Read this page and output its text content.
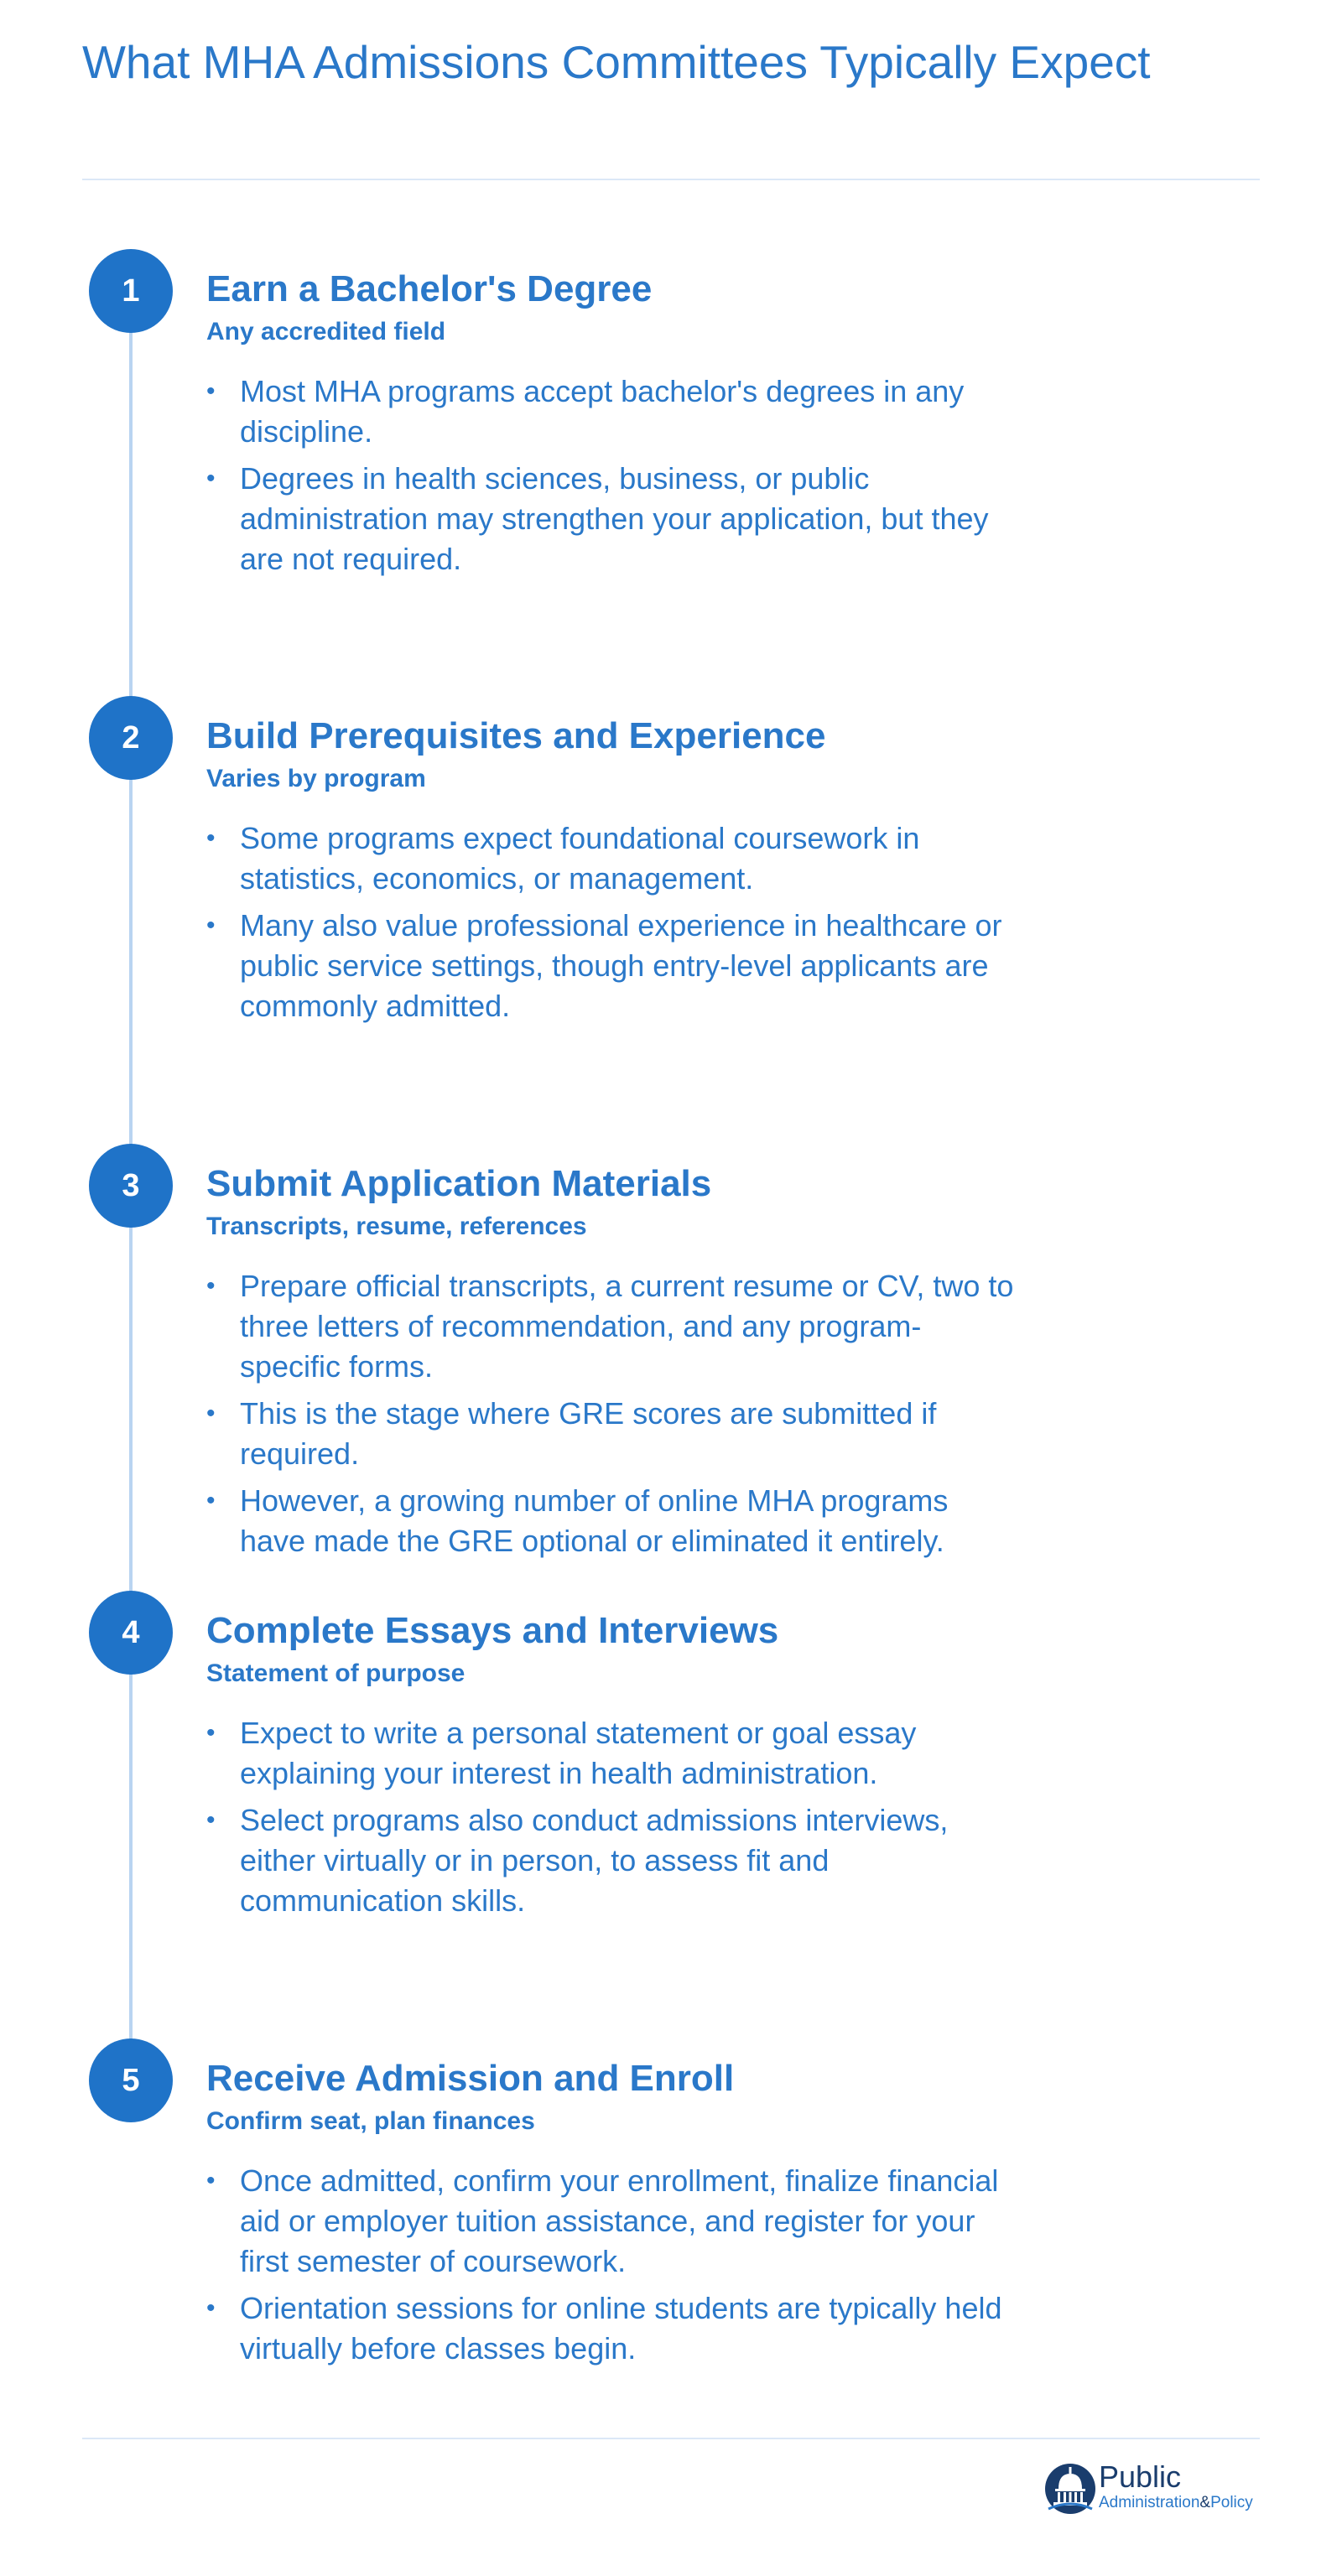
What MHA Admissions Committees Typically Expect
1	Earn a Bachelor's Degree

Any accredited field

• Most MHA programs accept bachelor's degrees in any discipline.
• Degrees in health sciences, business, or public administration may strengthen your application, but they are not required.
2	Build Prerequisites and Experience

Varies by program

• Some programs expect foundational coursework in statistics, economics, or management.
• Many also value professional experience in healthcare or public service settings, though entry-level applicants are commonly admitted.
3	Submit Application Materials

Transcripts, resume, references

• Prepare official transcripts, a current resume or CV, two to three letters of recommendation, and any program-specific forms.
• This is the stage where GRE scores are submitted if required.
• However, a growing number of online MHA programs have made the GRE optional or eliminated it entirely.
4	Complete Essays and Interviews

Statement of purpose

• Expect to write a personal statement or goal essay explaining your interest in health administration.
• Select programs also conduct admissions interviews, either virtually or in person, to assess fit and communication skills.
5	Receive Admission and Enroll

Confirm seat, plan finances

• Once admitted, confirm your enrollment, finalize financial aid or employer tuition assistance, and register for your first semester of coursework.
• Orientation sessions for online students are typically held virtually before classes begin.
Public
Administration&Policy
